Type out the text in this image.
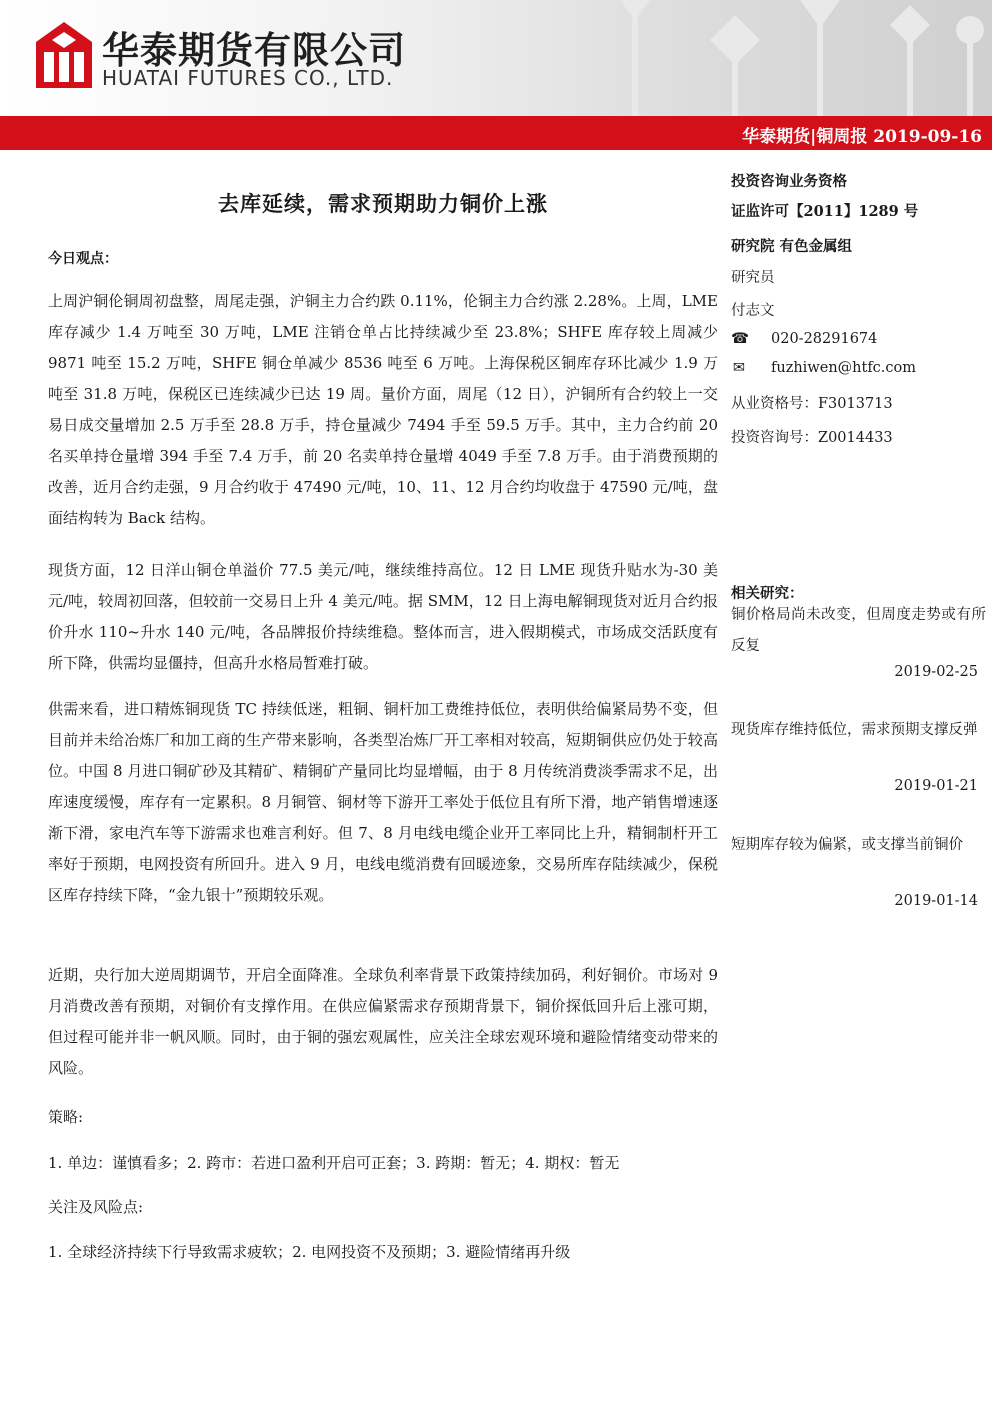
华泰期货有限公司
HUATAI FUTURES CO., LTD.
华泰期货|铜周报 2019-09-16
去库延续，需求预期助力铜价上涨
今日观点：

上周沪铜伦铜周初盘整，周尾走强，沪铜主力合约跌 0.11%，伦铜主力合约涨 2.28%。上周，LME 库存减少 1.4 万吨至 30 万吨，LME 注销仓单占比持续减少至 23.8%；SHFE 库存较上周减少 9871 吨至 15.2 万吨，SHFE 铜仓单减少 8536 吨至 6 万吨。上海保税区铜库存环比减少 1.9 万吨至 31.8 万吨，保税区已连续减少已达 19 周。量价方面，周尾（12 日），沪铜所有合约较上一交易日成交量增加 2.5 万手至 28.8 万手，持仓量减少 7494 手至 59.5 万手。其中，主力合约前 20 名买单持仓量增 394 手至 7.4 万手，前 20 名卖单持仓量增 4049 手至 7.8 万手。由于消费预期的改善，近月合约走强，9 月合约收于 47490 元/吨，10、11、12 月合约均收盘于 47590 元/吨，盘面结构转为 Back 结构。

现货方面，12 日洋山铜仓单溢价 77.5 美元/吨，继续维持高位。12 日 LME 现货升贴水为-30 美元/吨，较周初回落，但较前一交易日上升 4 美元/吨。据 SMM，12 日上海电解铜现货对近月合约报价升水 110~升水 140 元/吨，各品牌报价持续维稳。整体而言，进入假期模式，市场成交活跃度有所下降，供需均显僵持，但高升水格局暂难打破。

供需来看，进口精炼铜现货 TC 持续低迷，粗铜、铜杆加工费维持低位，表明供给偏紧局势不变，但目前并未给冶炼厂和加工商的生产带来影响，各类型冶炼厂开工率相对较高，短期铜供应仍处于较高位。中国 8 月进口铜矿砂及其精矿、精铜矿产量同比均显增幅，由于 8 月传统消费淡季需求不足，出库速度缓慢，库存有一定累积。8 月铜管、铜材等下游开工率处于低位且有所下滑，地产销售增速逐渐下滑，家电汽车等下游需求也难言利好。但 7、8 月电线电缆企业开工率同比上升，精铜制杆开工率好于预期，电网投资有所回升。进入 9 月，电线电缆消费有回暖迹象，交易所库存陆续减少，保税区库存持续下降，“金九银十”预期较乐观。

近期，央行加大逆周期调节，开启全面降准。全球负利率背景下政策持续加码，利好铜价。市场对 9 月消费改善有预期，对铜价有支撑作用。在供应偏紧需求存预期背景下，铜价探低回升后上涨可期，但过程可能并非一帆风顺。同时，由于铜的强宏观属性，应关注全球宏观环境和避险情绪变动带来的风险。

策略:

1. 单边：谨慎看多；2. 跨市：若进口盈利开启可正套；3. 跨期：暂无；4. 期权：暂无

关注及风险点:

1. 全球经济持续下行导致需求疲软；2. 电网投资不及预期；3. 避险情绪再升级

投资咨询业务资格
证监许可【2011】1289 号
研究院 有色金属组
研究员
付志文
☎ 020-28291674
✉ fuzhiwen@htfc.com
从业资格号：F3013713
投资咨询号：Z0014433
相关研究：
铜价格局尚未改变，但周度走势或有所反复
2019-02-25
现货库存维持低位，需求预期支撑反弹
2019-01-21
短期库存较为偏紧，或支撑当前铜价
2019-01-14
